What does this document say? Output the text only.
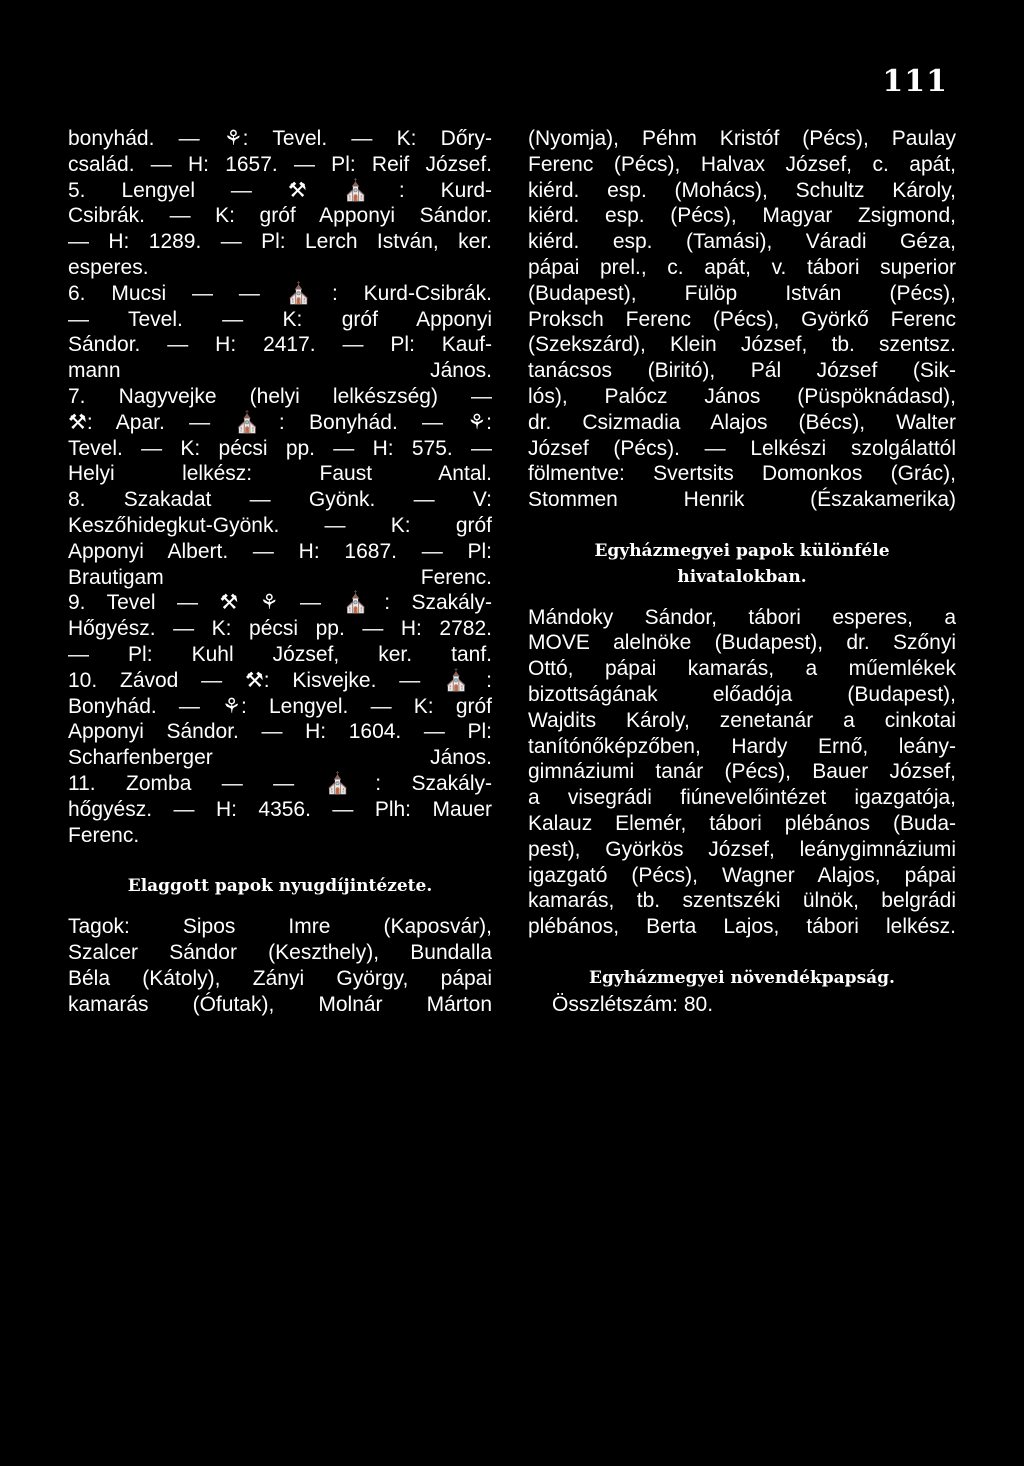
111
bonyhád. — ⚘: Tevel. — K: Dőry-
család. — H: 1657. — Pl: Reif József.
5. Lengyel — ⚒ ⛪: Kurd-
Csibrák. — K: gróf Apponyi Sándor.
— H: 1289. — Pl: Lerch István, ker.
esperes.
6. Mucsi — — ⛪: Kurd-Csibrák.
— Tevel. — K: gróf Apponyi
Sándor. — H: 2417. — Pl: Kauf-
mann János.
7. Nagyvejke (helyi lelkészség) —
⚒: Apar. — ⛪: Bonyhád. — ⚘:
Tevel. — K: pécsi pp. — H: 575. —
Helyi lelkész: Faust Antal.
8. Szakadat — Gyönk. — V:
Keszőhidegkut-Gyönk. — K: gróf
Apponyi Albert. — H: 1687. — Pl:
Brautigam Ferenc.
9. Tevel — ⚒ ⚘ — ⛪: Szakály-
Hőgyész. — K: pécsi pp. — H: 2782.
— Pl: Kuhl József, ker. tanf.
10. Závod — ⚒: Kisvejke. — ⛪:
Bonyhád. — ⚘: Lengyel. — K: gróf
Apponyi Sándor. — H: 1604. — Pl:
Scharfenberger János.
11. Zomba — — ⛪: Szakály-
hőgyész. — H: 4356. — Plh: Mauer
Ferenc.
Elaggott papok nyugdíjintézete.
Tagok: Sipos Imre (Kaposvár),
Szalcer Sándor (Keszthely), Bundalla
Béla (Kátoly), Zányi György, pápai
kamarás (Ófutak), Molnár Márton
(Nyomja), Péhm Kristóf (Pécs), Paulay
Ferenc (Pécs), Halvax József, c. apát,
kiérd. esp. (Mohács), Schultz Károly,
kiérd. esp. (Pécs), Magyar Zsigmond,
kiérd. esp. (Tamási), Váradi Géza,
pápai prel., c. apát, v. tábori superior
(Budapest), Fülöp István (Pécs),
Proksch Ferenc (Pécs), Györkő Ferenc
(Szekszárd), Klein József, tb. szentsz.
tanácsos (Biritó), Pál József (Sik-
lós), Palócz János (Püspöknádasd),
dr. Csizmadia Alajos (Bécs), Walter
József (Pécs). — Lelkészi szolgálattól
fölmentve: Svertsits Domonkos (Grác),
Stommen Henrik (Északamerika)
Egyházmegyei papok különféle
hivatalokban.
Mándoky Sándor, tábori esperes, a
MOVE alelnöke (Budapest), dr. Szőnyi
Ottó, pápai kamarás, a műemlékek
bizottságának előadója (Budapest),
Wajdits Károly, zenetanár a cinkotai
tanítónőképzőben, Hardy Ernő, leány-
gimnáziumi tanár (Pécs), Bauer József,
a visegrádi fiúnevelőintézet igazgatója,
Kalauz Elemér, tábori plébános (Buda-
pest), Györkös József, leánygimnáziumi
igazgató (Pécs), Wagner Alajos, pápai
kamarás, tb. szentszéki ülnök, belgrádi
plébános, Berta Lajos, tábori lelkész.
Egyházmegyei növendékpapság.
Összlétszám: 80.
